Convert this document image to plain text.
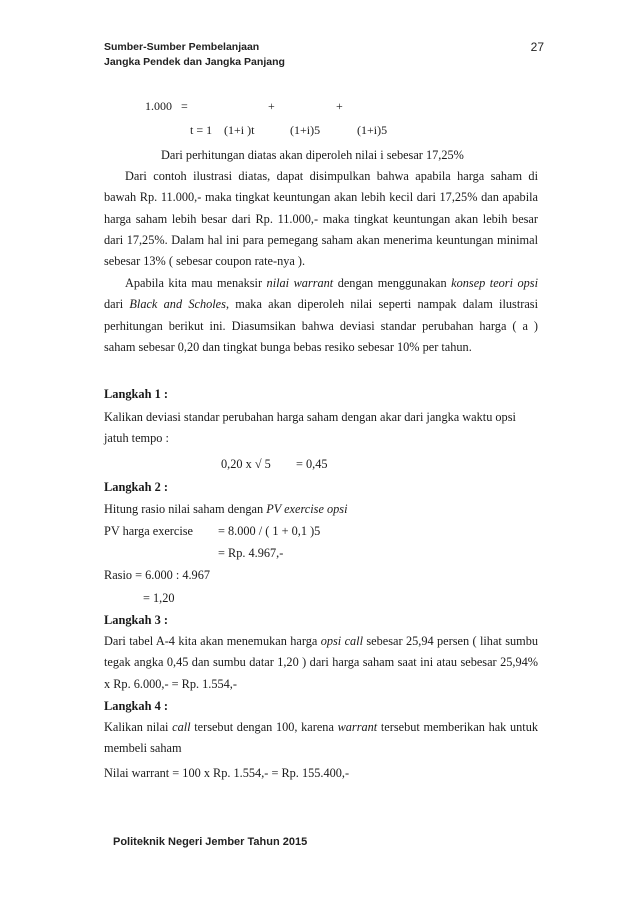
Sumber-Sumber Pembelanjaan
Jangka Pendek dan Jangka Panjang
27
1.000 =	+	+
t = 1 (1+i )t	(1+i)5	(1+i)5
Dari perhitungan diatas akan diperoleh nilai i sebesar 17,25%

Dari contoh ilustrasi diatas, dapat disimpulkan bahwa apabila harga saham di bawah Rp. 11.000,- maka tingkat keuntungan akan lebih kecil dari 17,25% dan apabila harga saham lebih besar dari Rp. 11.000,- maka tingkat keuntungan akan lebih besar dari 17,25%. Dalam hal ini para pemegang saham akan menerima keuntungan minimal sebesar 13% ( sebesar coupon rate-nya ).

Apabila kita mau menaksir nilai warrant dengan menggunakan konsep teori opsi dari Black and Scholes, maka akan diperoleh nilai seperti nampak dalam ilustrasi perhitungan berikut ini. Diasumsikan bahwa deviasi standar perubahan harga ( a ) saham sebesar 0,20 dan tingkat bunga bebas resiko sebesar 10% per tahun.

Langkah 1 :

Kalikan deviasi standar perubahan harga saham dengan akar dari jangka waktu opsi jatuh tempo :

0,20 x √ 5 = 0,45
Langkah 2 :
Hitung rasio nilai saham dengan PV exercise opsi
PV harga exercise = 8.000 / ( 1 + 0,1 )5
= Rp. 4.967,-
Rasio = 6.000 : 4.967
= 1,20
Langkah 3 :

Dari tabel A-4 kita akan menemukan harga opsi call sebesar 25,94 persen ( lihat sumbu tegak angka 0,45 dan sumbu datar 1,20 ) dari harga saham saat ini atau sebesar 25,94% x Rp. 6.000,- = Rp. 1.554,-

Langkah 4 :

Kalikan nilai call tersebut dengan 100, karena warrant tersebut memberikan hak untuk membeli saham

Nilai warrant = 100 x Rp. 1.554,- = Rp. 155.400,-
Politeknik Negeri Jember Tahun 2015
